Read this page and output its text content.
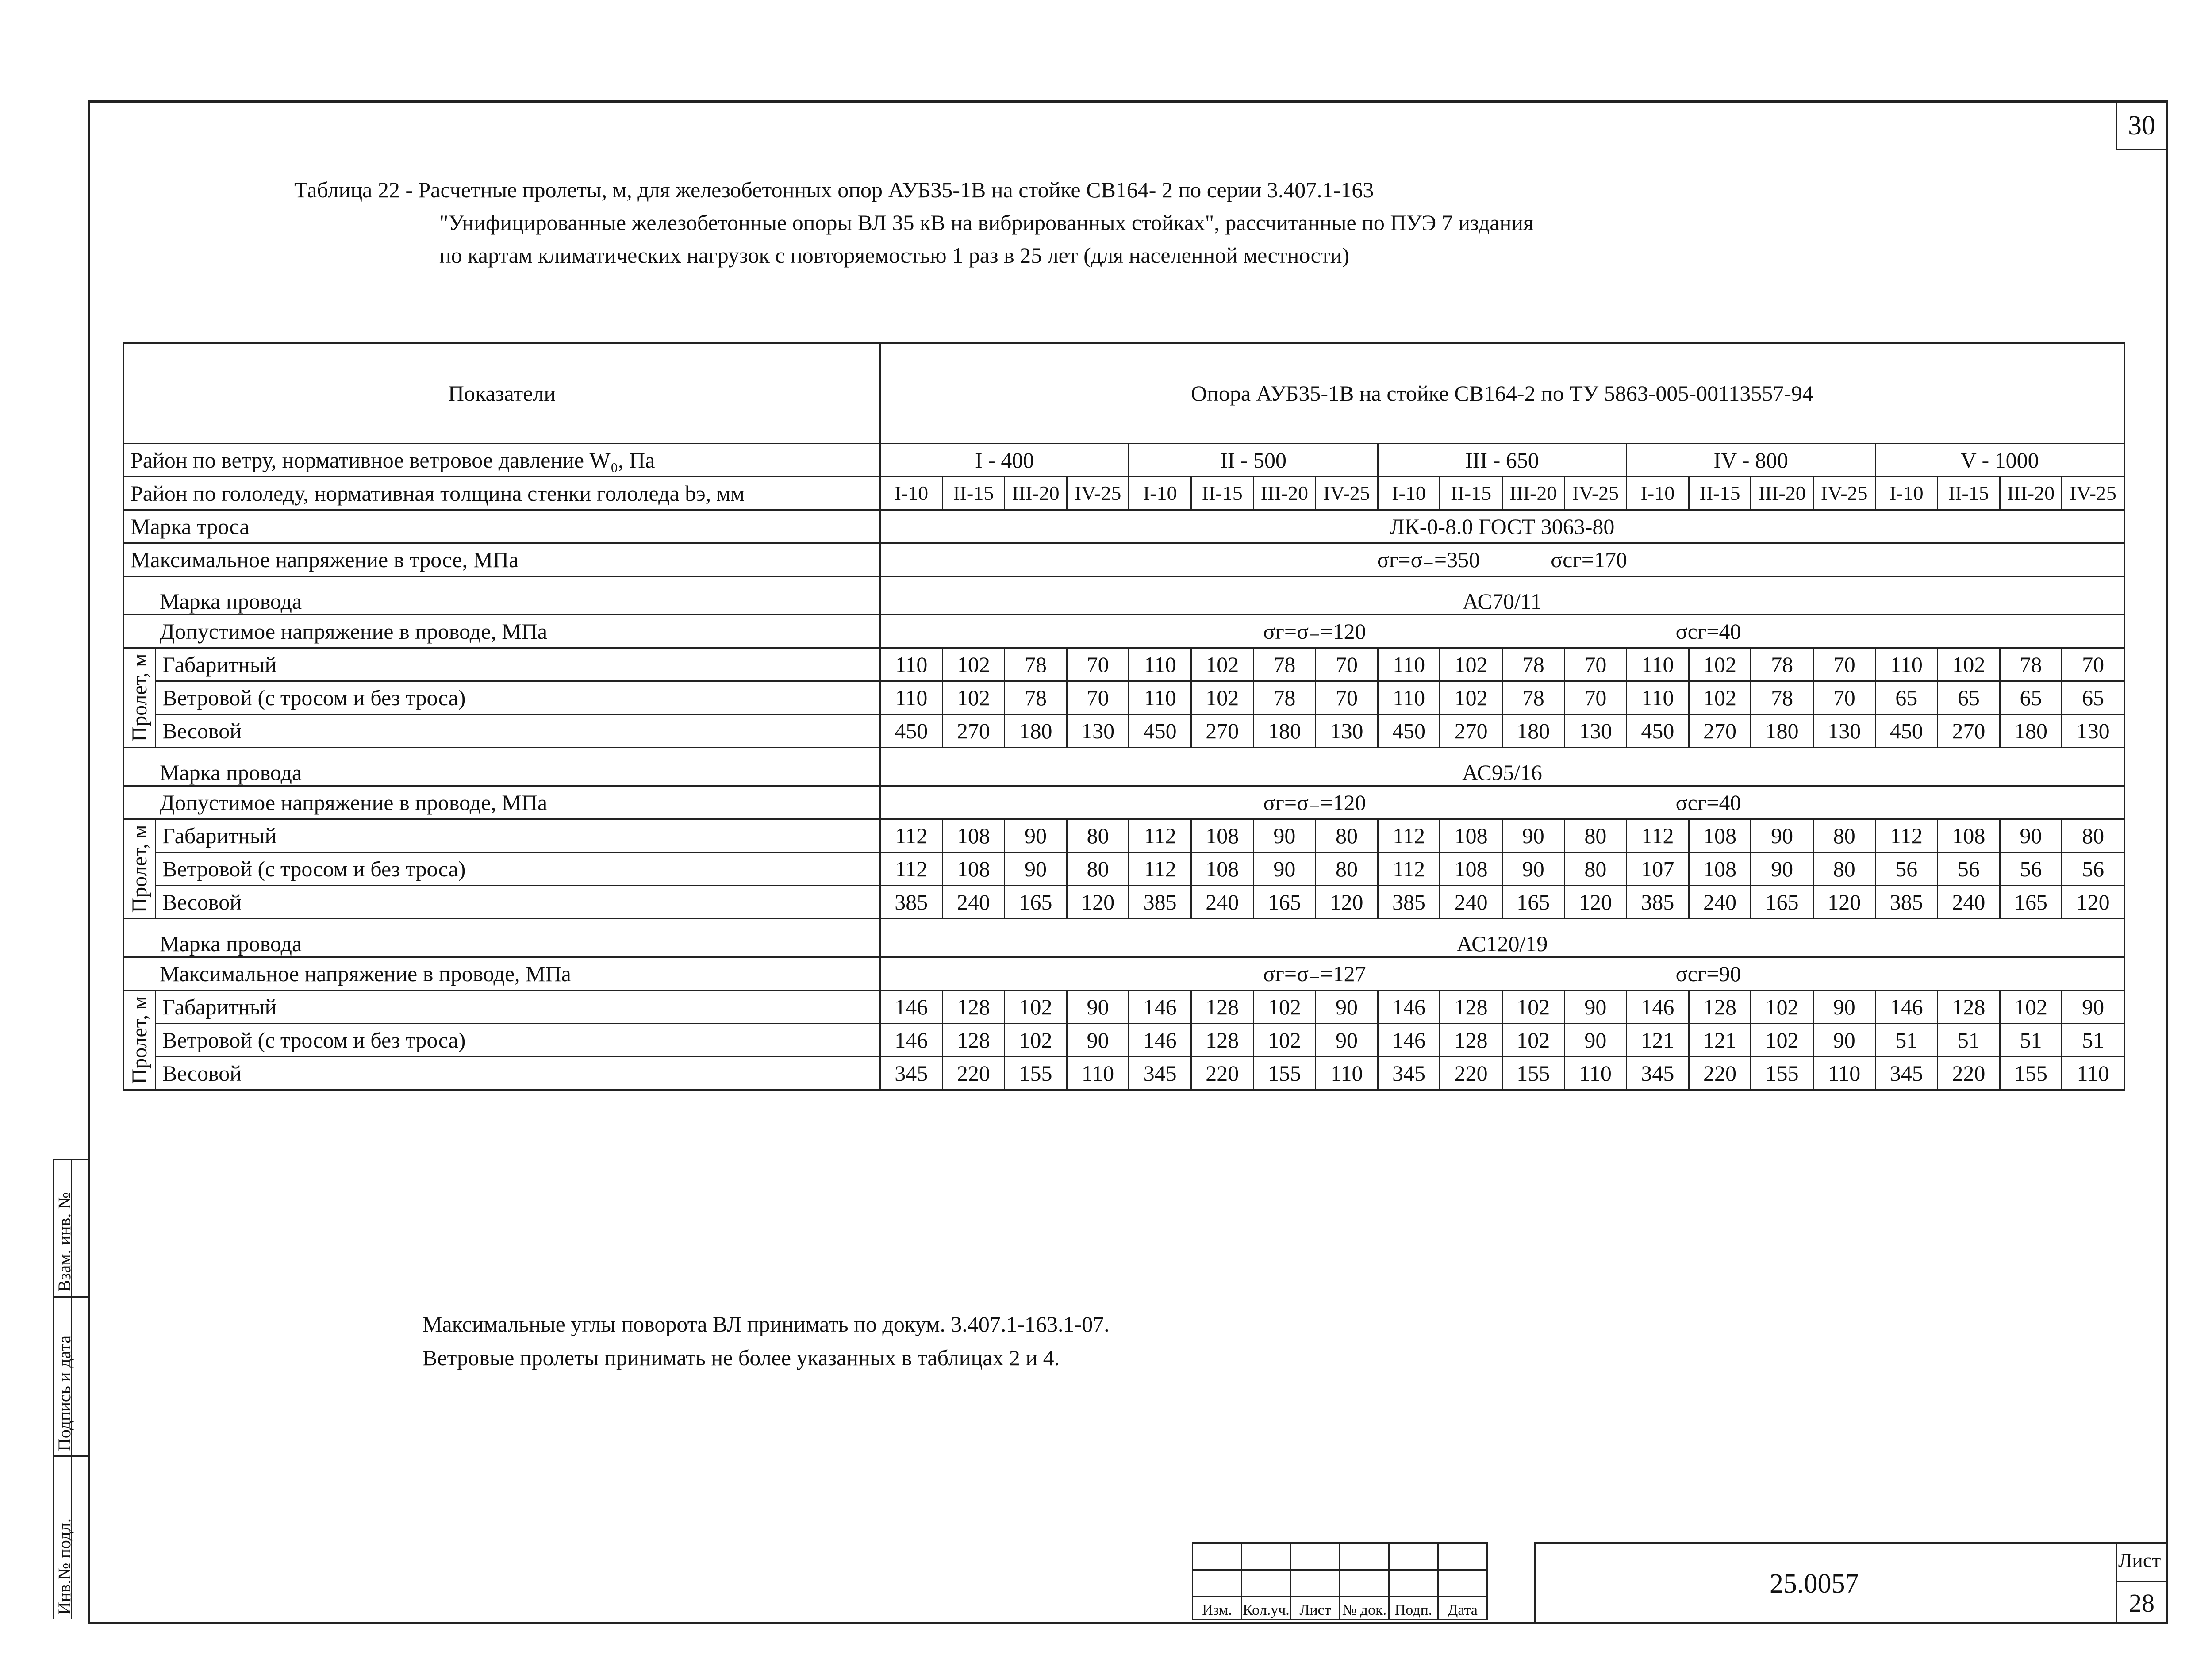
30
Таблица 22 - Расчетные пролеты, м, для железобетонных опор АУБ35-1В на стойке СВ164- 2 по серии 3.407.1-163
"Унифицированные железобетонные опоры ВЛ 35 кВ на вибрированных стойках", рассчитанные по ПУЭ 7 издания
по картам климатических нагрузок с повторяемостью 1 раз в 25 лет (для населенной местности)
Показатели		Опора АУБ35-1В на стойке СВ164-2 по ТУ 5863-005-00113557-94																			
Район по ветру, нормативное ветровое давление W₀, Па		I - 400				II - 500				III - 650				IV - 800				V - 1000			
Район по гололеду, нормативная толщина стенки гололеда bэ, мм		I-10	II-15	III-20	IV-25	I-10	II-15	III-20	IV-25	I-10	II-15	III-20	IV-25	I-10	II-15	III-20	IV-25	I-10	II-15	III-20	IV-25
Марка троса		ЛК-0-8.0 ГОСТ 3063-80																			
Максимальное напряжение в тросе, МПа		σг=σ₋=350 σсг=170																			
Марка провода		АС70/11																			
Допустимое напряжение в проводе, МПа		σг=σ₋=120 σсг=40																			

Пролет, м	Габаритный	110	102	78	70	110	102	78	70	110	102	78	70	110	102	78	70	110	102	78	70
	Ветровой (с тросом и без троса)	110	102	78	70	110	102	78	70	110	102	78	70	110	102	78	70	65	65	65	65
	Весовой	450	270	180	130	450	270	180	130	450	270	180	130	450	270	180	130	450	270	180	130
Марка провода		АС95/16																			
Допустимое напряжение в проводе, МПа		σг=σ₋=120 σсг=40																			

Пролет, м	Габаритный	112	108	90	80	112	108	90	80	112	108	90	80	112	108	90	80	112	108	90	80
	Ветровой (с тросом и без троса)	112	108	90	80	112	108	90	80	112	108	90	80	107	108	90	80	56	56	56	56
	Весовой	385	240	165	120	385	240	165	120	385	240	165	120	385	240	165	120	385	240	165	120
Марка провода		АС120/19																			
Максимальное напряжение в проводе, МПа		σг=σ₋=127 σсг=90																			

Пролет, м	Габаритный	146	128	102	90	146	128	102	90	146	128	102	90	146	128	102	90	146	128	102	90
	Ветровой (с тросом и без троса)	146	128	102	90	146	128	102	90	146	128	102	90	121	121	102	90	51	51	51	51
	Весовой	345	220	155	110	345	220	155	110	345	220	155	110	345	220	155	110	345	220	155	110
Максимальные углы поворота ВЛ принимать по докум. 3.407.1-163.1-07.
Ветровые пролеты принимать не более указанных в таблицах 2 и 4.
Взам. инв. №
Подпись и дата
Инв.№ подл.

						Изм.	Кол.уч.	Лист	№ док.	Подп.	Дата
25.0057
Лист
28
